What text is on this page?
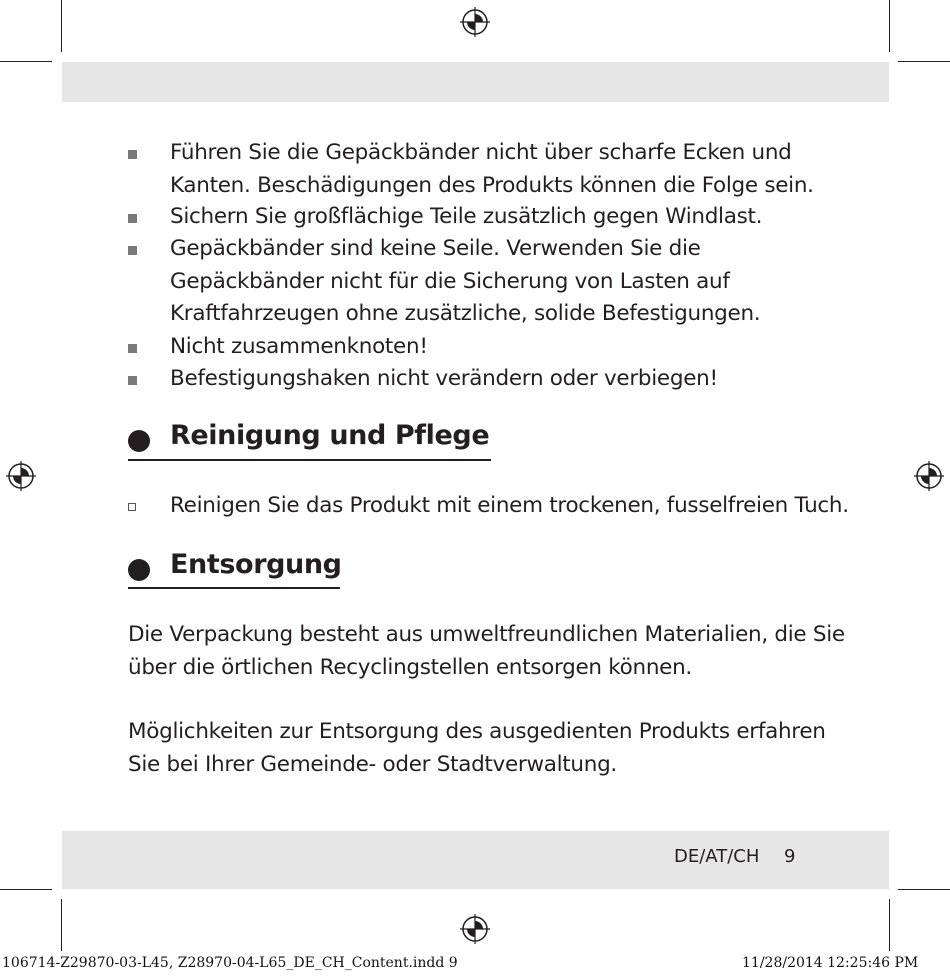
Führen Sie die Gepäckbänder nicht über scharfe Ecken und
Kanten. Beschädigungen des Produkts können die Folge sein.
Sichern Sie großflächige Teile zusätzlich gegen Windlast.
Gepäckbänder sind keine Seile. Verwenden Sie die
Gepäckbänder nicht für die Sicherung von Lasten auf
Kraftfahrzeugen ohne zusätzliche, solide Befestigungen.
Nicht zusammenknoten!
Befestigungshaken nicht verändern oder verbiegen!
Reinigung und Pflege
Reinigen Sie das Produkt mit einem trockenen, fusselfreien Tuch.
Entsorgung
Die Verpackung besteht aus umweltfreundlichen Materialien, die Sie
über die örtlichen Recyclingstellen entsorgen können.
Möglichkeiten zur Entsorgung des ausgedienten Produkts erfahren
Sie bei Ihrer Gemeinde- oder Stadtverwaltung.
DE/AT/CH 9
106714-Z29870-03-L45, Z28970-04-L65_DE_CH_Content.indd 9	11/28/2014 12:25:46 PM
